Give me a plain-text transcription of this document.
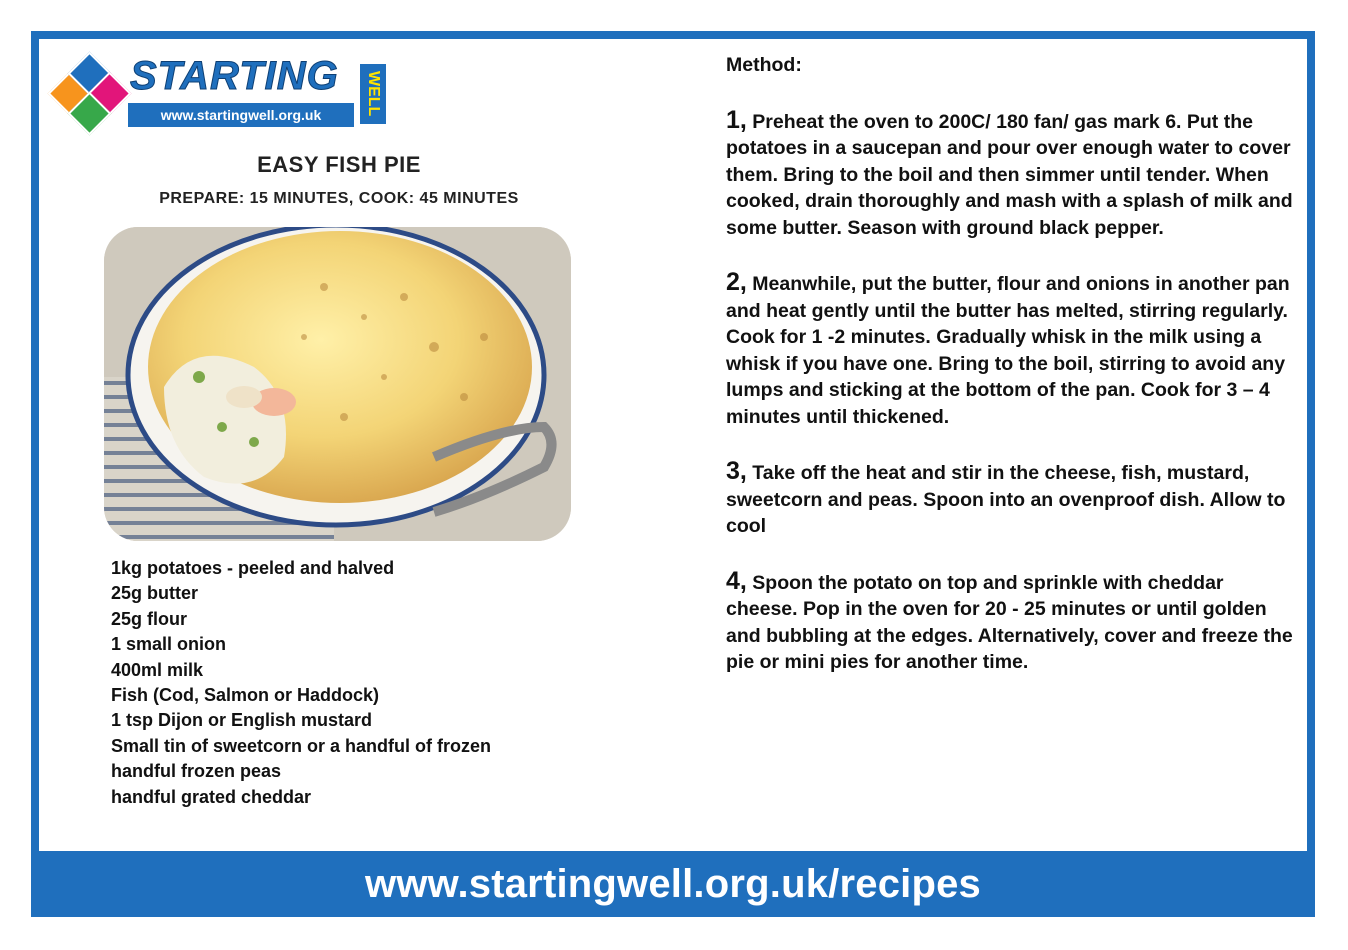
STARTING
www.startingwell.org.uk	WELL
EASY FISH PIE
PREPARE: 15 MINUTES, COOK: 45 MINUTES
1kg potatoes - peeled and halved
25g butter
25g flour
1 small onion
400ml milk
Fish (Cod, Salmon or Haddock)
1 tsp Dijon or English mustard
Small tin of sweetcorn or a handful of frozen
handful frozen peas
handful grated cheddar
Method:
1, Preheat the oven to 200C/ 180 fan/ gas mark 6. Put the potatoes in a saucepan and pour over enough water to cover them. Bring to the boil and then simmer until tender. When cooked, drain thoroughly and mash with a splash of milk and some butter. Season with ground black pepper.
2, Meanwhile, put the butter, flour and onions in another pan and heat gently until the butter has melted, stirring regularly. Cook for 1 -2 minutes. Gradually whisk in the milk using a whisk if you have one. Bring to the boil, stirring to avoid any lumps and sticking at the bottom of the pan. Cook for 3 – 4 minutes until thickened.
3, Take off the heat and stir in the cheese, fish, mustard, sweetcorn and peas. Spoon into an ovenproof dish. Allow to cool
4, Spoon the potato on top and sprinkle with cheddar cheese. Pop in the oven for 20 - 25 minutes or until golden and bubbling at the edges. Alternatively, cover and freeze the pie or mini pies for another time.
www.startingwell.org.uk/recipes
